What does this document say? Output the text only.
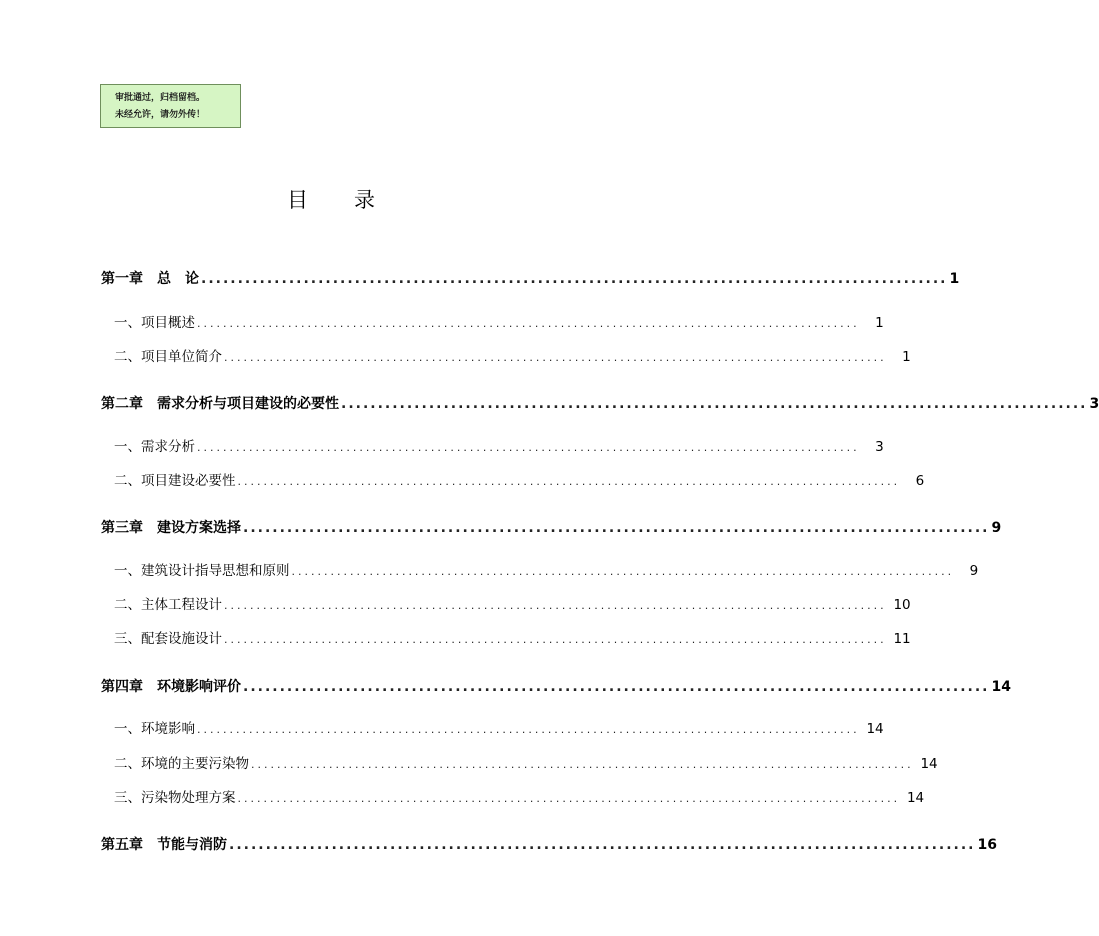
审批通过，归档留档。
未经允许，请勿外传！
目录
第一章　总　论 ...................................................................................................... 1
一、项目概述 ......................................................................................................	1
二、项目单位简介 ......................................................................................................	1
第二章　需求分析与项目建设的必要性 ...................................................................................................... 3
一、需求分析 ......................................................................................................	3
二、项目建设必要性 ......................................................................................................	6
第三章　建设方案选择 ...................................................................................................... 9
一、建筑设计指导思想和原则 ......................................................................................................	9
二、主体工程设计 ...................................................................................................... 10
三、配套设施设计 ...................................................................................................... 11
第四章　环境影响评价 ...................................................................................................... 14
一、环境影响 ...................................................................................................... 14
二、环境的主要污染物 ...................................................................................................... 14
三、污染物处理方案 ...................................................................................................... 14
第五章　节能与消防 ...................................................................................................... 16
